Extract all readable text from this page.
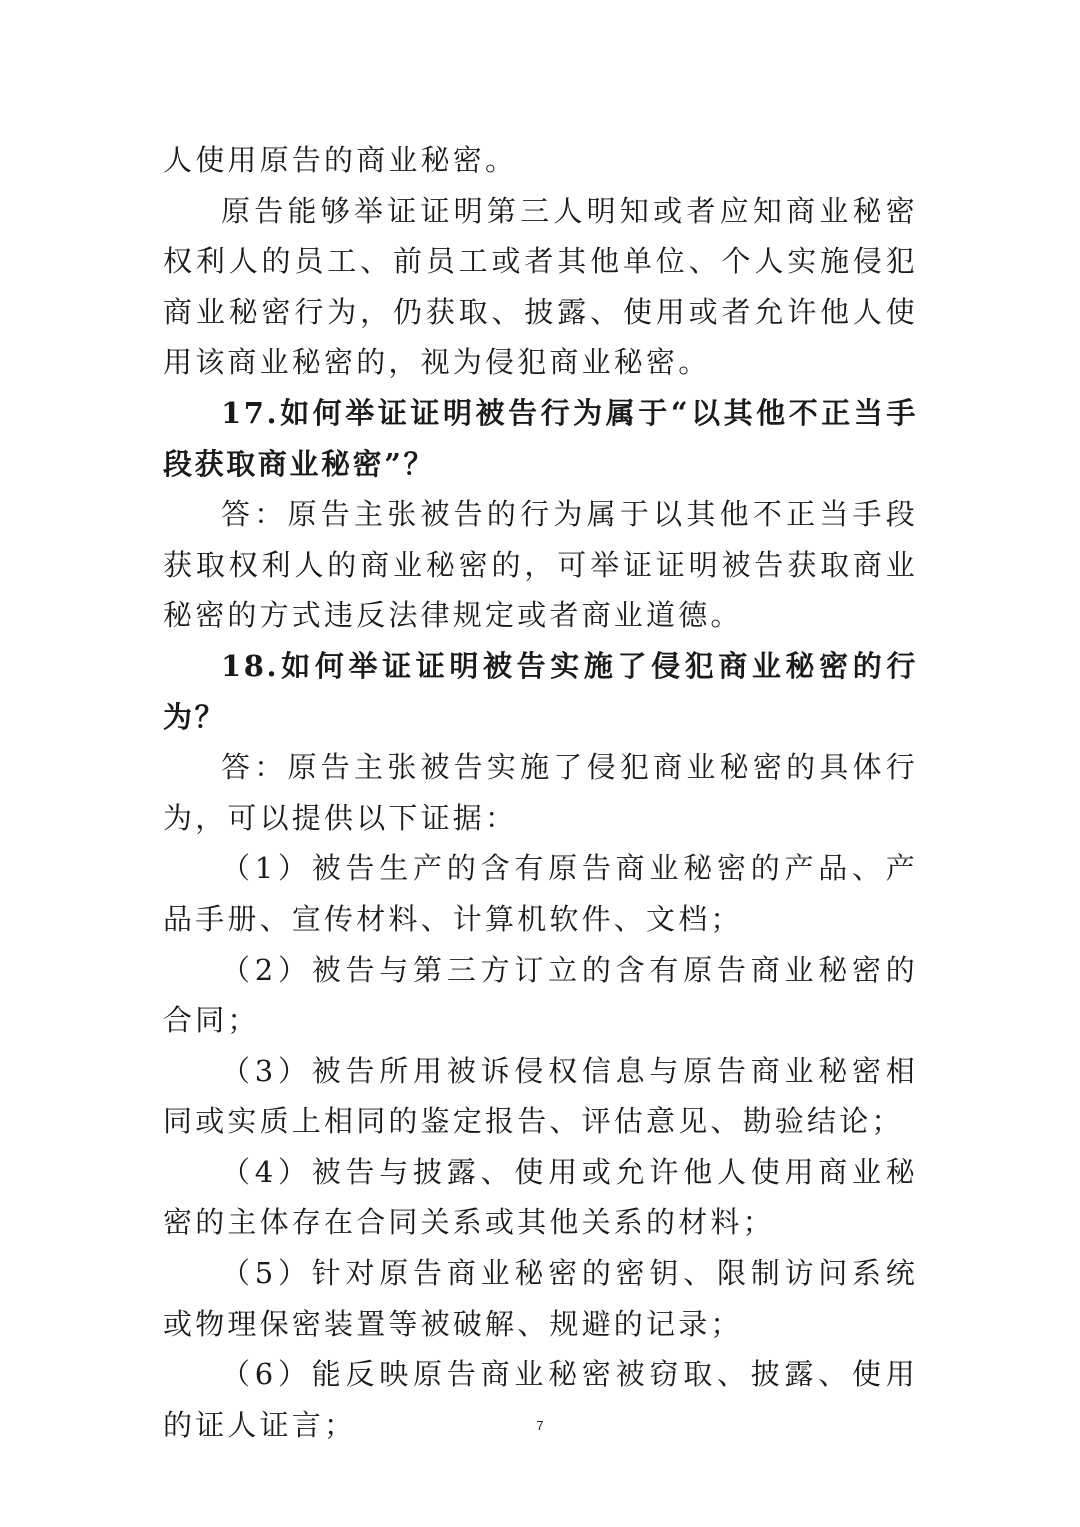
人使用原告的商业秘密。

原告能够举证证明第三人明知或者应知商业秘密权利人的员工、前员工或者其他单位、个人实施侵犯商业秘密行为，仍获取、披露、使用或者允许他人使用该商业秘密的，视为侵犯商业秘密。

17.如何举证证明被告行为属于“以其他不正当手段获取商业秘密”？

答：原告主张被告的行为属于以其他不正当手段获取权利人的商业秘密的，可举证证明被告获取商业秘密的方式违反法律规定或者商业道德。

18.如何举证证明被告实施了侵犯商业秘密的行为？

答：原告主张被告实施了侵犯商业秘密的具体行为，可以提供以下证据：

（1）被告生产的含有原告商业秘密的产品、产品手册、宣传材料、计算机软件、文档；

（2）被告与第三方订立的含有原告商业秘密的合同；

（3）被告所用被诉侵权信息与原告商业秘密相同或实质上相同的鉴定报告、评估意见、勘验结论；

（4）被告与披露、使用或允许他人使用商业秘密的主体存在合同关系或其他关系的材料；

（5）针对原告商业秘密的密钥、限制访问系统或物理保密装置等被破解、规避的记录；

（6）能反映原告商业秘密被窃取、披露、使用的证人证言；	7
